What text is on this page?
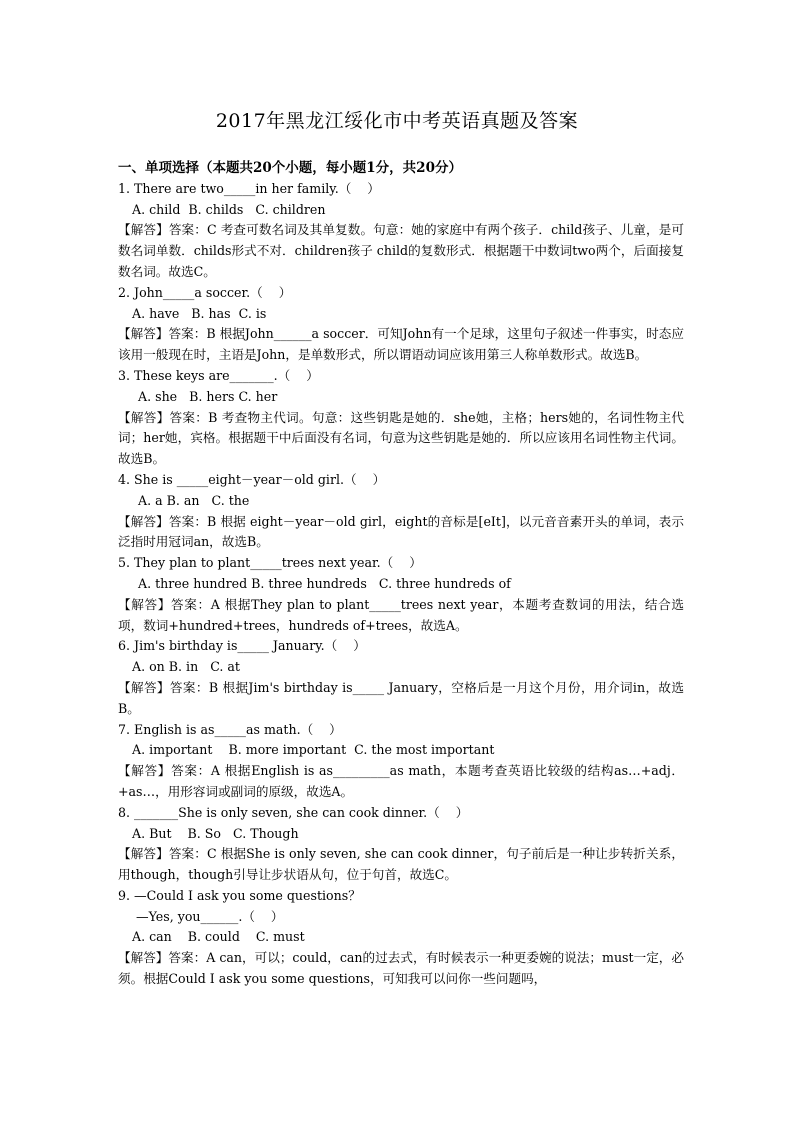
2017年黑龙江绥化市中考英语真题及答案

一、单项选择（本题共20个小题，每小题1分，共20分）

1. There are two_____in her family.（    ）

A. child  B. childs   C. children

【解答】答案：C 考查可数名词及其单复数。句意：她的家庭中有两个孩子．child孩子、儿童，是可数名词单数．childs形式不对．children孩子 child的复数形式．根据题干中数词two两个，后面接复数名词。故选C。

2. John_____a soccer.（    ）

A. have   B. has  C. is

【解答】答案：B 根据John______a soccer．可知John有一个足球，这里句子叙述一件事实，时态应该用一般现在时，主语是John，是单数形式，所以谓语动词应该用第三人称单数形式。故选B。

3. These keys are_______.（    ）

A. she   B. hers C. her

【解答】答案：B 考查物主代词。句意：这些钥匙是她的．she她，主格；hers她的，名词性物主代词；her她，宾格。根据题干中后面没有名词，句意为这些钥匙是她的．所以应该用名词性物主代词。故选B。

4. She is _____eight－year－old girl.（    ）

A. a B. an   C. the

【解答】答案：B 根据 eight－year－old girl，eight的音标是[eIt]，以元音音素开头的单词，表示泛指时用冠词an，故选B。

5. They plan to plant_____trees next year.（    ）

A. three hundred B. three hundreds   C. three hundreds of

【解答】答案：A 根据They plan to plant_____trees next year，本题考查数词的用法，结合选项，数词+hundred+trees，hundreds of+trees，故选A。

6. Jim's birthday is_____ January.（    ）

A. on B. in   C. at

【解答】答案：B 根据Jim's birthday is_____ January，空格后是一月这个月份，用介词in，故选B。

7. English is as_____as math.（    ）

A. important    B. more important  C. the most important

【解答】答案：A 根据English is as_________as math，本题考查英语比较级的结构as…+adj．+as…，用形容词或副词的原级，故选A。

8. _______She is only seven, she can cook dinner.（    ）

A. But    B. So   C. Though

【解答】答案：C 根据She is only seven, she can cook dinner，句子前后是一种让步转折关系，用though，though引导让步状语从句，位于句首，故选C。

9. —Could I ask you some questions？

—Yes, you______.（    ）

A. can    B. could    C. must

【解答】答案：A can，可以；could，can的过去式，有时候表示一种更委婉的说法；must一定，必须。根据Could I ask you some questions，可知我可以问你一些问题吗，
